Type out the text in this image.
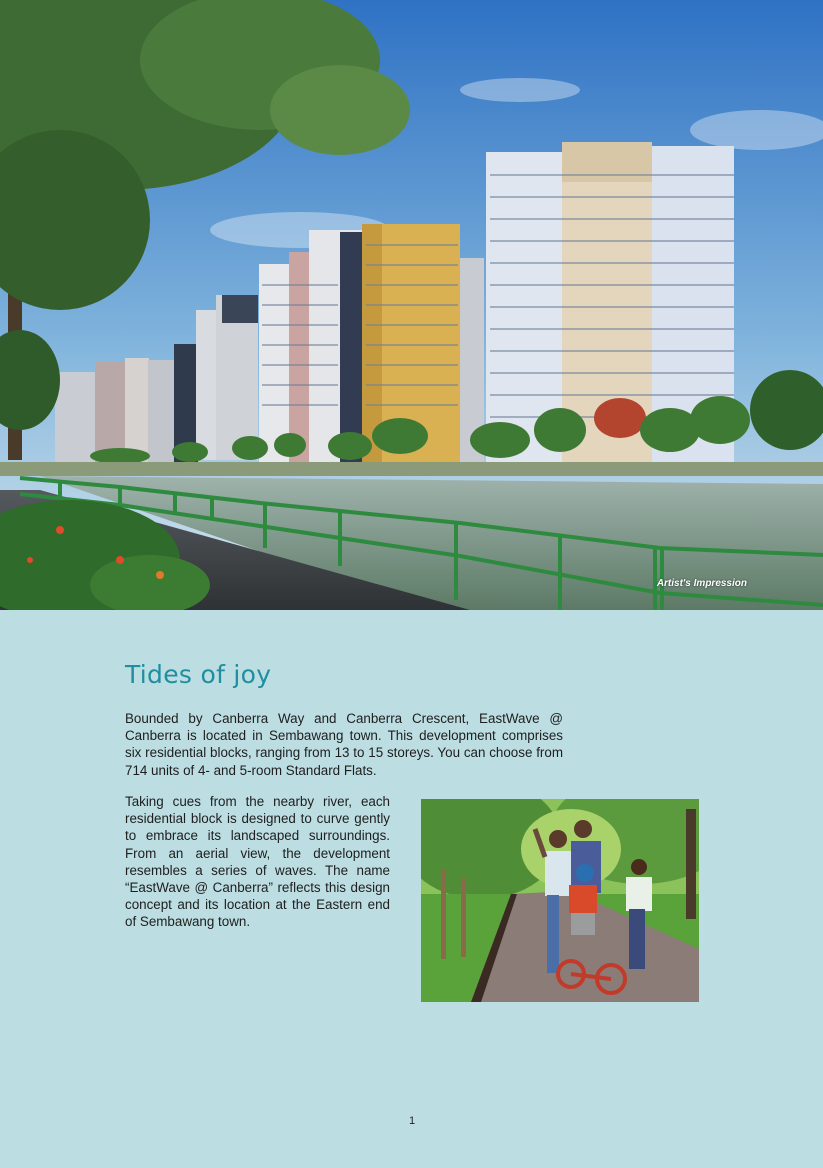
Artist's Impression
Tides of joy

Bounded by Canberra Way and Canberra Crescent, EastWave @ Canberra is located in Sembawang town. This development comprises six residential blocks, ranging from 13 to 15 storeys. You can choose from 714 units of 4- and 5-room Standard Flats.

Taking cues from the nearby river, each residential block is designed to curve gently to embrace its landscaped surroundings. From an aerial view, the development resembles a series of waves. The name “EastWave @ Canberra” reflects this design concept and its location at the Eastern end of Sembawang town.

1
